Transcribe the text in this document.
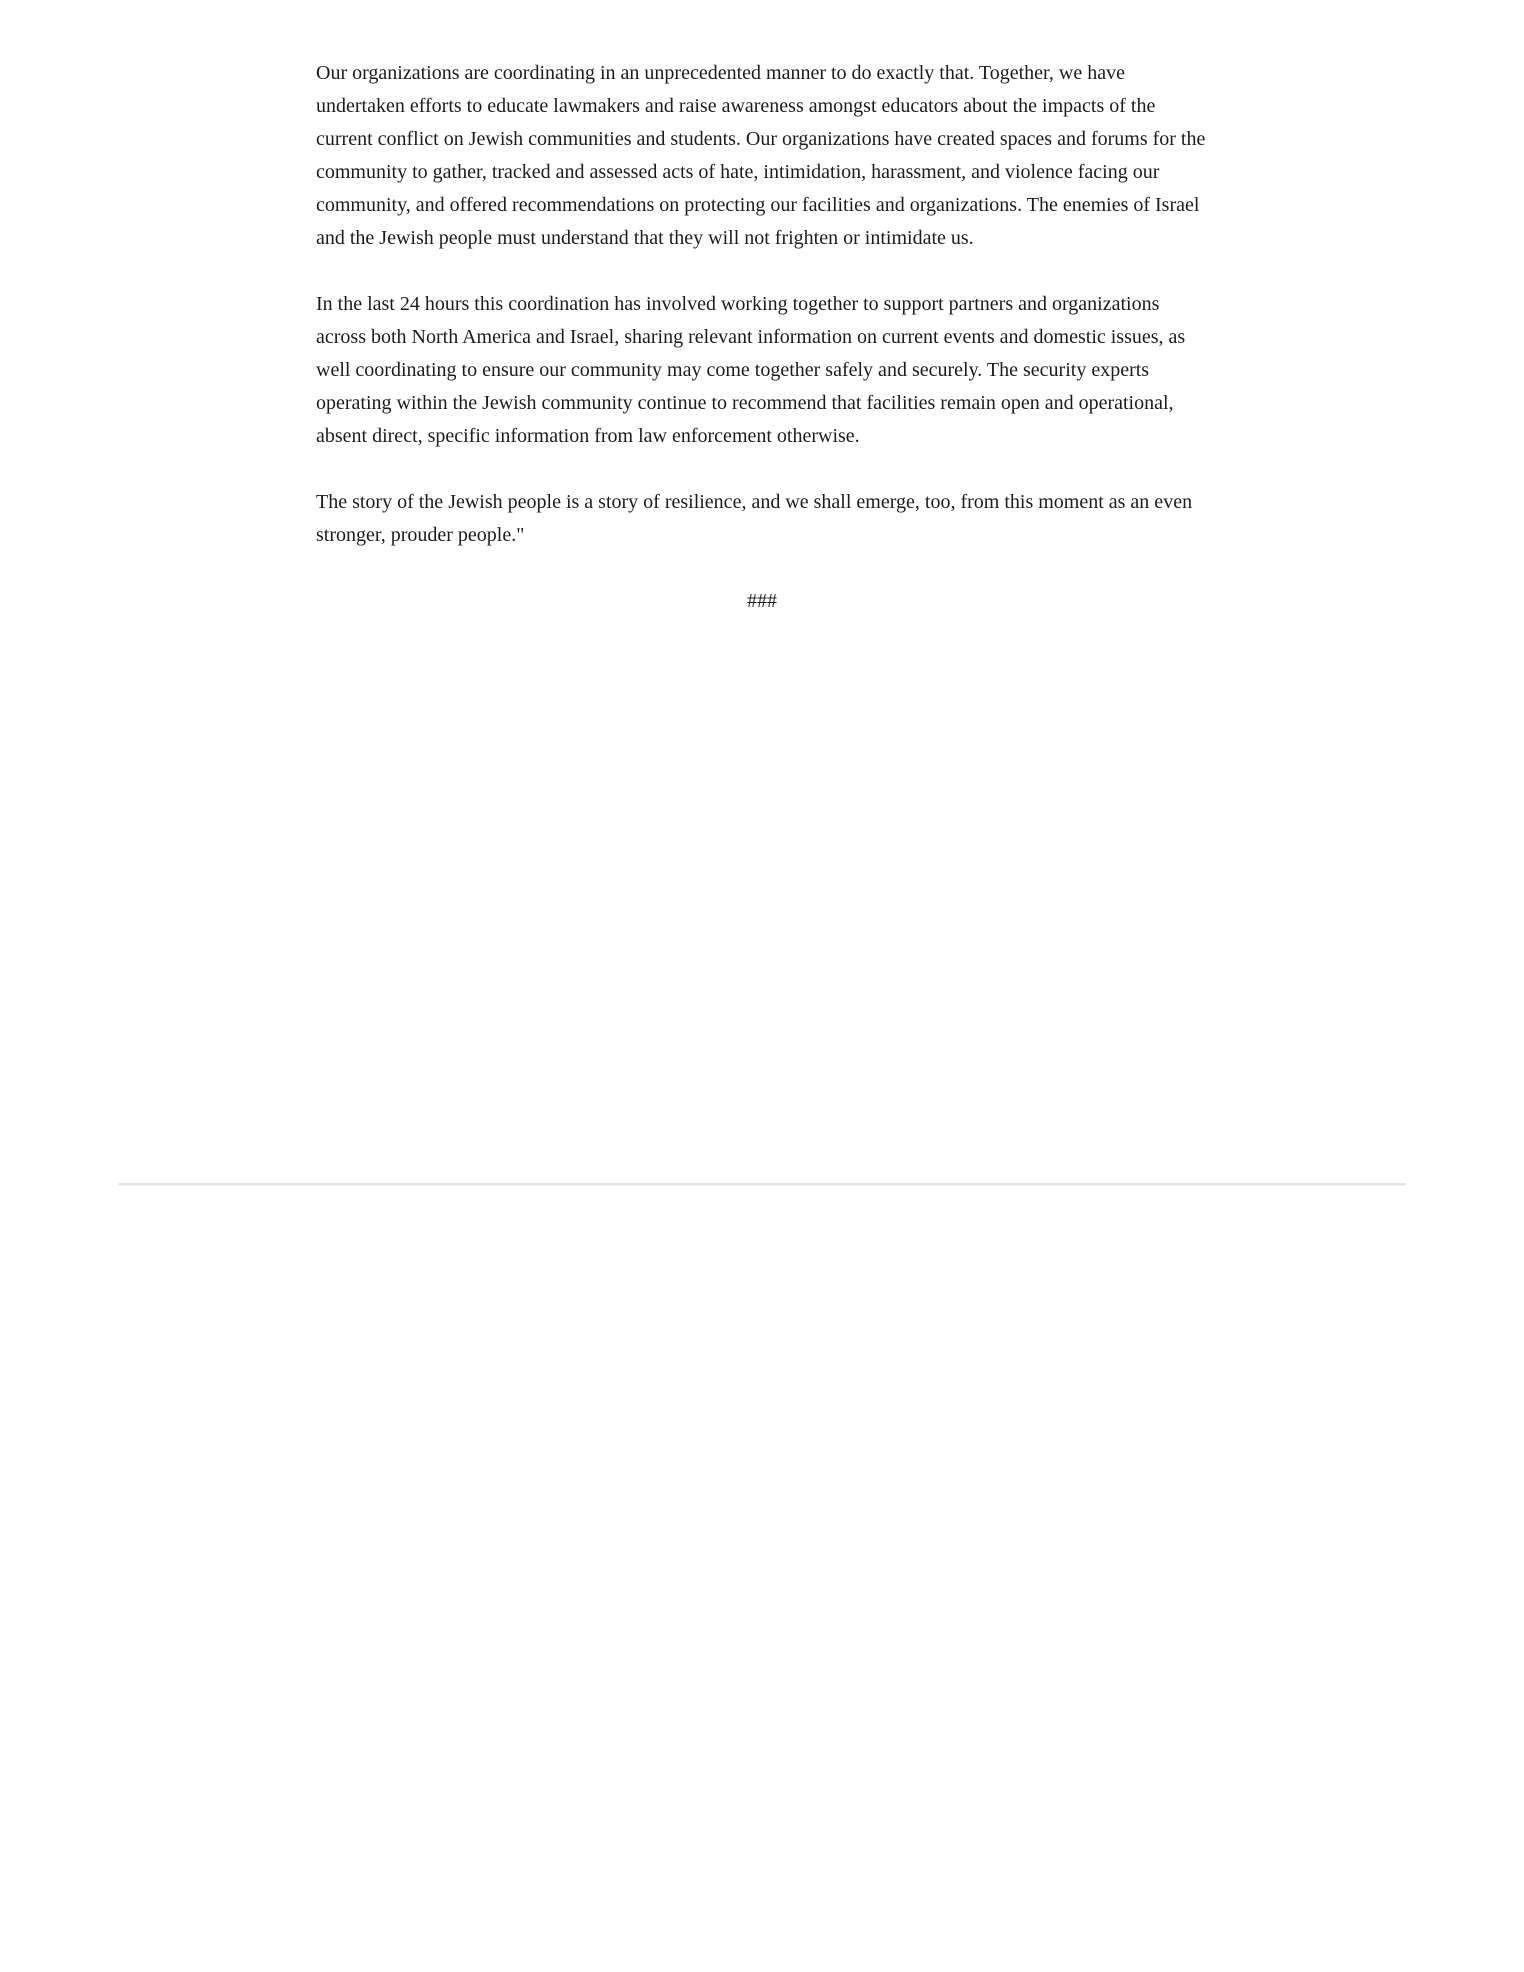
Our organizations are coordinating in an unprecedented manner to do exactly that. Together, we have undertaken efforts to educate lawmakers and raise awareness amongst educators about the impacts of the current conflict on Jewish communities and students. Our organizations have created spaces and forums for the community to gather, tracked and assessed acts of hate, intimidation, harassment, and violence facing our community, and offered recommendations on protecting our facilities and organizations. The enemies of Israel and the Jewish people must understand that they will not frighten or intimidate us.

In the last 24 hours this coordination has involved working together to support partners and organizations across both North America and Israel, sharing relevant information on current events and domestic issues, as well coordinating to ensure our community may come together safely and securely. The security experts operating within the Jewish community continue to recommend that facilities remain open and operational, absent direct, specific information from law enforcement otherwise.

The story of the Jewish people is a story of resilience, and we shall emerge, too, from this moment as an even stronger, prouder people."

###
